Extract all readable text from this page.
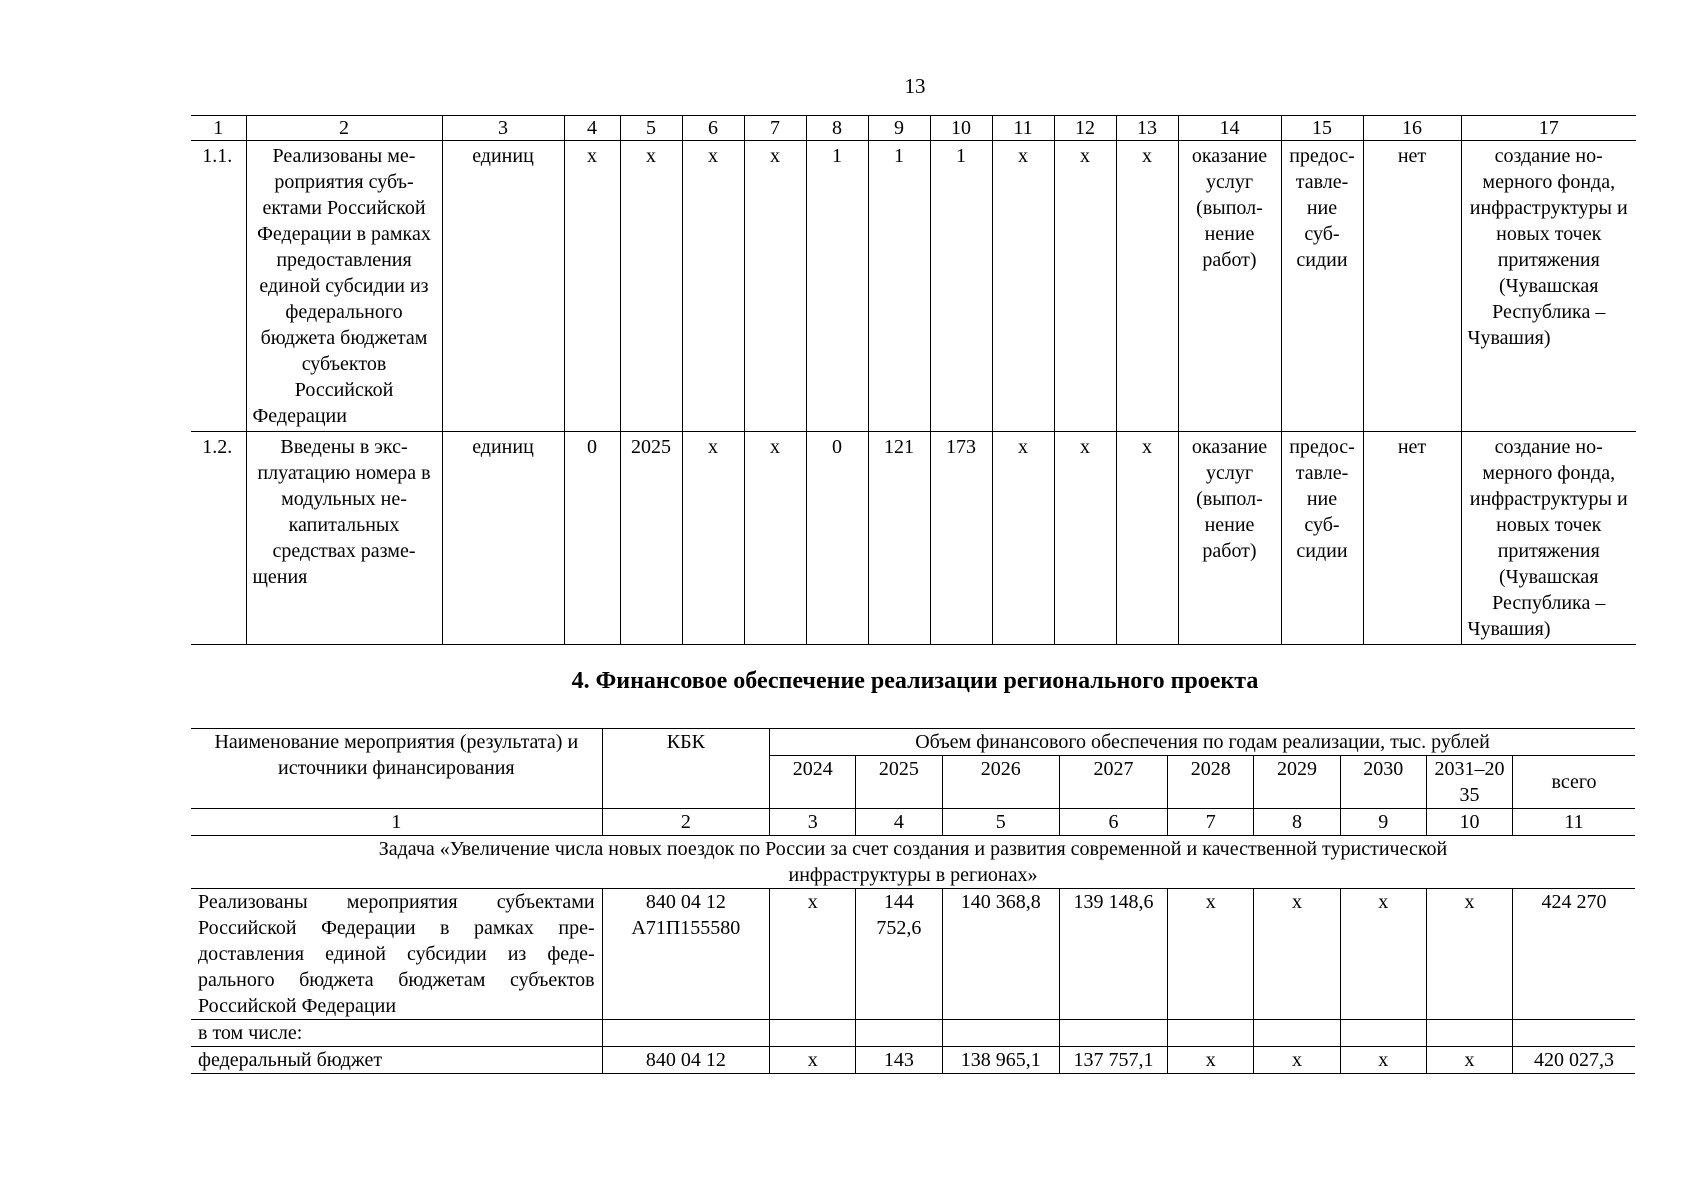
13
1	2	3	4	5	6	7	8	9	10	11	12	13	14	15	16	17
1.1.	Реализованы мероприятия субъектами Российской Федерации в рамках предоставления единой субсидии из федерального бюджета бюджетам субъектов Российской Федерации	единиц	х	х	х	х	1	1	1	х	х	х	оказание услуг (выполнение работ)	предоставление субсидии	нет	создание номерного фонда, инфраструктуры и новых точек притяжения (Чувашская Республика – Чувашия)
1.2.	Введены в эксплуатацию номера в модульных некапитальных средствах размещения	единиц	0	2025	х	х	0	121	173	х	х	х	оказание услуг (выполнение работ)	предоставление субсидии	нет	создание номерного фонда, инфраструктуры и новых точек притяжения (Чувашская Республика – Чувашия)
4. Финансовое обеспечение реализации регионального проекта
Наименование мероприятия (результата) и источники финансирования	КБК	Объем финансового обеспечения по годам реализации, тыс. рублей								
		2024	2025	2026	2027	2028	2029	2030	2031–2035	всего
1	2	3	4	5	6	7	8	9	10	11
Задача «Увеличение числа новых поездок по России за счет создания и развития современной и качественной туристической инфраструктуры в регионах»										
Реализованы мероприятия субъектами Российской Федерации в рамках предоставления единой субсидии из федерального бюджета бюджетам субъектов Российской Федерации	840 04 12 А71П155580	х	144 752,6	140 368,8	139 148,6	х	х	х	х	424 270
в том числе:										
федеральный бюджет	840 04 12	х	143	138 965,1	137 757,1	х	х	х	х	420 027,3
